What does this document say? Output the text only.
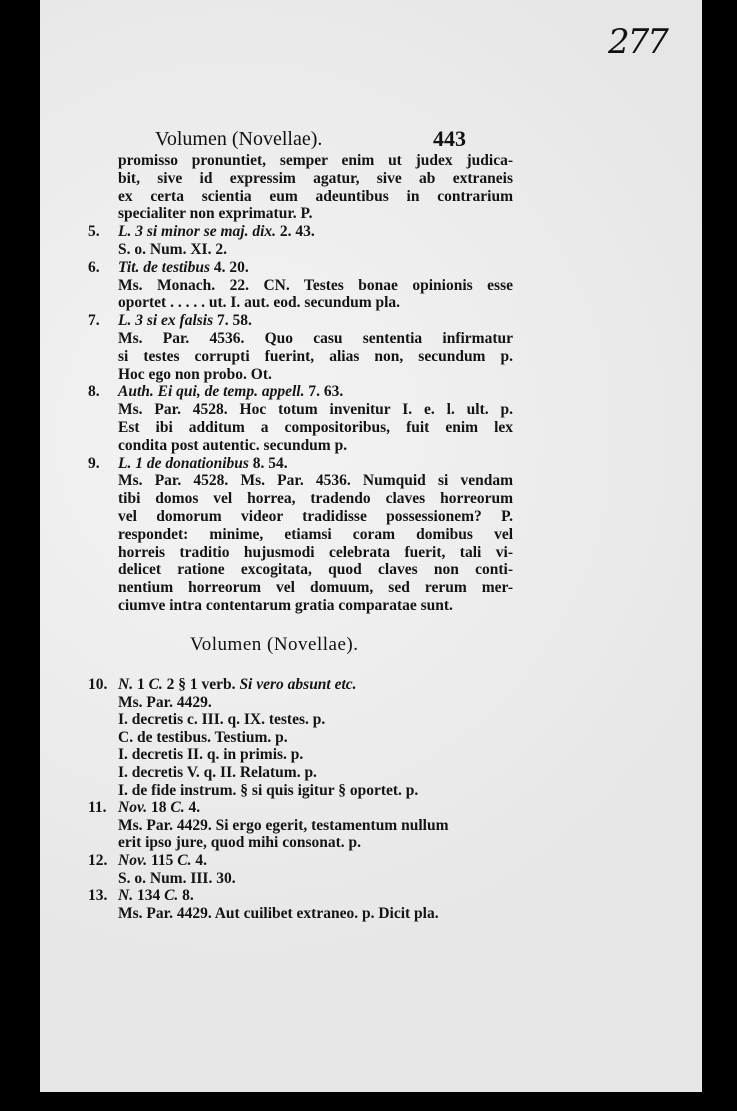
277
Volumen (Novellae).	443
Volumen (Novellae).
promisso pronuntiet, semper enim ut judex judica-
bit, sive id expressim agatur, sive ab extraneis
ex certa scientia eum adeuntibus in contrarium
specialiter non exprimatur. P.
5. L. 3 si minor se maj. dix. 2. 43.
S. o. Num. XI. 2.
6. Tit. de testibus 4. 20.
Ms. Monach. 22. CN. Testes bonae opinionis esse
oportet . . . . . ut. I. aut. eod. secundum pla.
7. L. 3 si ex falsis 7. 58.
Ms. Par. 4536. Quo casu sententia infirmatur
si testes corrupti fuerint, alias non, secundum p.
Hoc ego non probo. Ot.
8. Auth. Ei qui, de temp. appell. 7. 63.
Ms. Par. 4528. Hoc totum invenitur I. e. l. ult. p.
Est ibi additum a compositoribus, fuit enim lex
condita post autentic. secundum p.
9. L. 1 de donationibus 8. 54.
Ms. Par. 4528. Ms. Par. 4536. Numquid si vendam
tibi domos vel horrea, tradendo claves horreorum
vel domorum videor tradidisse possessionem? P.
respondet: minime, etiamsi coram domibus vel
horreis traditio hujusmodi celebrata fuerit, tali vi-
delicet ratione excogitata, quod claves non conti-
nentium horreorum vel domuum, sed rerum mer-
ciumve intra contentarum gratia comparatae sunt.
10. N. 1 C. 2 § 1 verb. Si vero absunt etc.
Ms. Par. 4429.
I. decretis c. III. q. IX. testes. p.
C. de testibus. Testium. p.
I. decretis II. q. in primis. p.
I. decretis V. q. II. Relatum. p.
I. de fide instrum. § si quis igitur § oportet. p.
11. Nov. 18 C. 4.
Ms. Par. 4429. Si ergo egerit, testamentum nullum
erit ipso jure, quod mihi consonat. p.
12. Nov. 115 C. 4.
S. o. Num. III. 30.
13. N. 134 C. 8.
Ms. Par. 4429. Aut cuilibet extraneo. p. Dicit pla.
